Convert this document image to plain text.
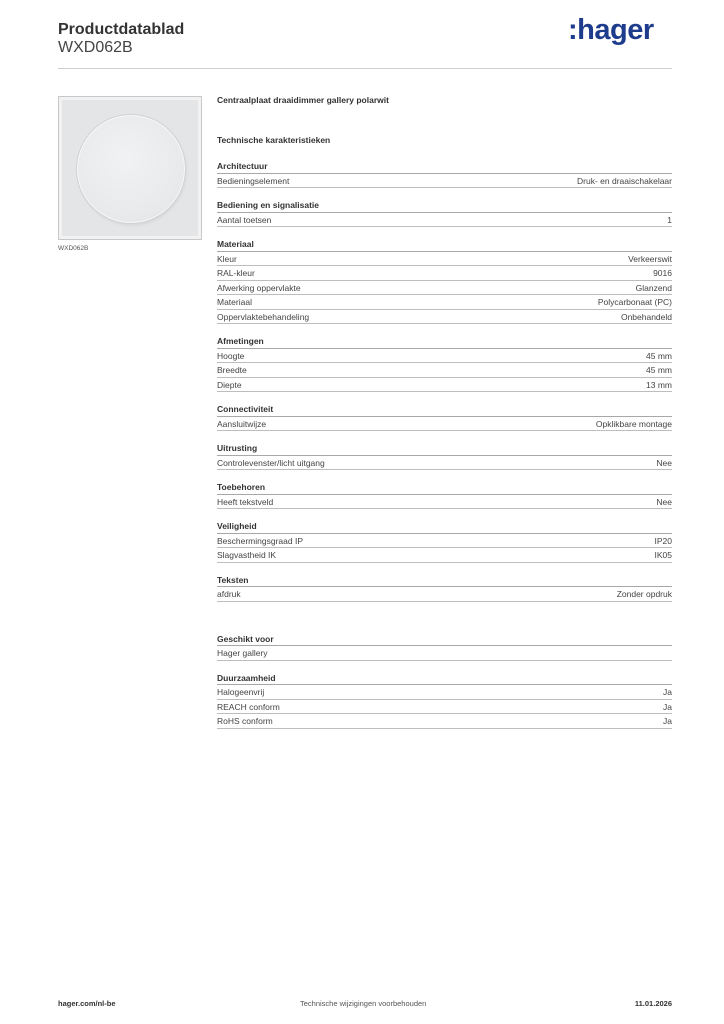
Productdatablad
WXD062B
:hager
WXD062B
Centraalplaat draaidimmer gallery polarwit
Technische karakteristieken
Architectuur
Bedieningselement	Druk- en draaischakelaar
Bediening en signalisatie
Aantal toetsen	1
Materiaal
Kleur	Verkeerswit
RAL-kleur	9016
Afwerking oppervlakte	Glanzend
Materiaal	Polycarbonaat (PC)
Oppervlaktebehandeling	Onbehandeld
Afmetingen
Hoogte	45 mm
Breedte	45 mm
Diepte	13 mm
Connectiviteit
Aansluitwijze	Opklikbare montage
Uitrusting
Controlevenster/licht uitgang	Nee
Toebehoren
Heeft tekstveld	Nee
Veiligheid
Beschermingsgraad IP	IP20
Slagvastheid IK	IK05
Teksten
afdruk	Zonder opdruk
Geschikt voor
Hager gallery
Duurzaamheid
Halogeenvrij	Ja
REACH conform	Ja
RoHS conform	Ja
hager.com/nl-be	Technische wijzigingen voorbehouden	11.01.2026
